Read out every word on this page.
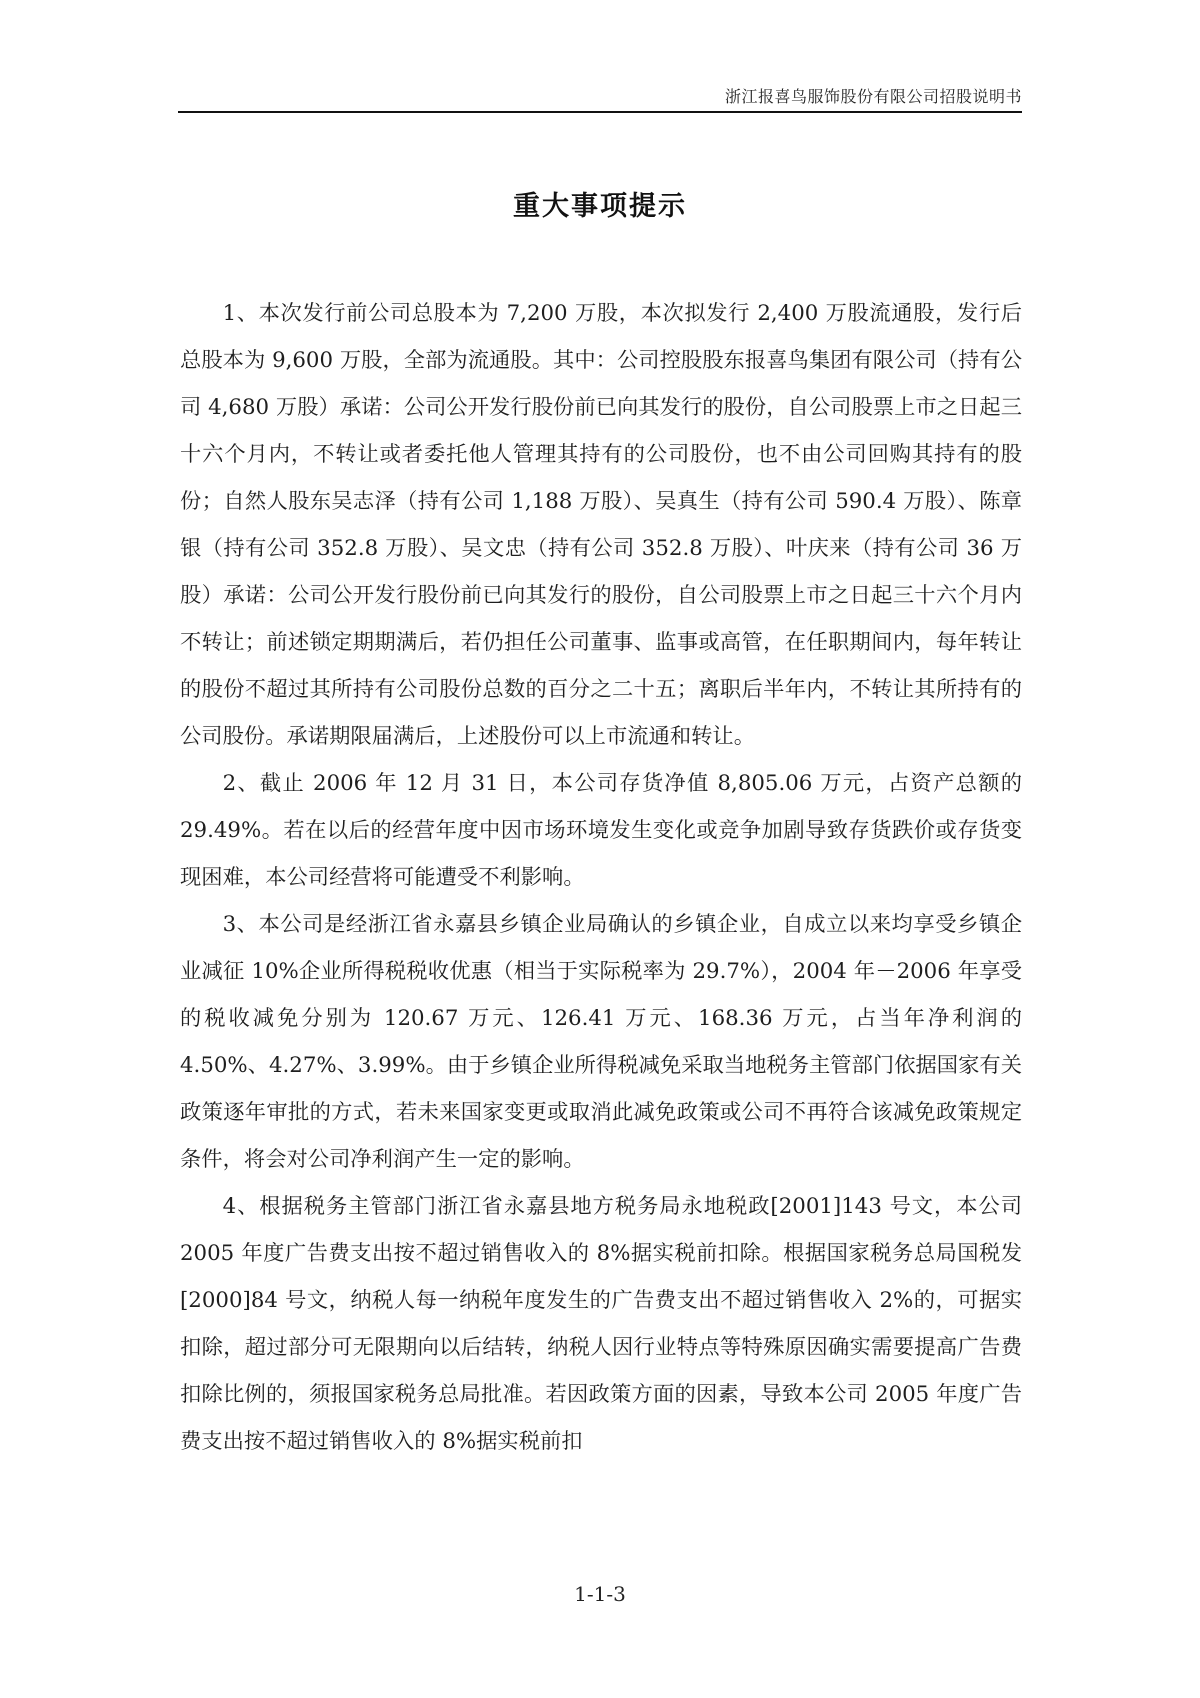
浙江报喜鸟服饰股份有限公司招股说明书
重大事项提示

1、本次发行前公司总股本为 7,200 万股，本次拟发行 2,400 万股流通股，发行后总股本为 9,600 万股，全部为流通股。其中：公司控股股东报喜鸟集团有限公司（持有公司 4,680 万股）承诺：公司公开发行股份前已向其发行的股份，自公司股票上市之日起三十六个月内，不转让或者委托他人管理其持有的公司股份，也不由公司回购其持有的股份；自然人股东吴志泽（持有公司 1,188 万股）、吴真生（持有公司 590.4 万股）、陈章银（持有公司 352.8 万股）、吴文忠（持有公司 352.8 万股）、叶庆来（持有公司 36 万股）承诺：公司公开发行股份前已向其发行的股份，自公司股票上市之日起三十六个月内不转让；前述锁定期期满后，若仍担任公司董事、监事或高管，在任职期间内，每年转让的股份不超过其所持有公司股份总数的百分之二十五；离职后半年内，不转让其所持有的公司股份。承诺期限届满后，上述股份可以上市流通和转让。

2、截止 2006 年 12 月 31 日，本公司存货净值 8,805.06 万元，占资产总额的 29.49%。若在以后的经营年度中因市场环境发生变化或竞争加剧导致存货跌价或存货变现困难，本公司经营将可能遭受不利影响。

3、本公司是经浙江省永嘉县乡镇企业局确认的乡镇企业，自成立以来均享受乡镇企业减征 10%企业所得税税收优惠（相当于实际税率为 29.7%），2004 年－2006 年享受的税收减免分别为 120.67 万元、126.41 万元、168.36 万元，占当年净利润的 4.50%、4.27%、3.99%。由于乡镇企业所得税减免采取当地税务主管部门依据国家有关政策逐年审批的方式，若未来国家变更或取消此减免政策或公司不再符合该减免政策规定条件，将会对公司净利润产生一定的影响。

4、根据税务主管部门浙江省永嘉县地方税务局永地税政[2001]143 号文，本公司 2005 年度广告费支出按不超过销售收入的 8%据实税前扣除。根据国家税务总局国税发[2000]84 号文，纳税人每一纳税年度发生的广告费支出不超过销售收入 2%的，可据实扣除，超过部分可无限期向以后结转，纳税人因行业特点等特殊原因确实需要提高广告费扣除比例的，须报国家税务总局批准。若因政策方面的因素，导致本公司 2005 年度广告费支出按不超过销售收入的 8%据实税前扣

1-1-3
